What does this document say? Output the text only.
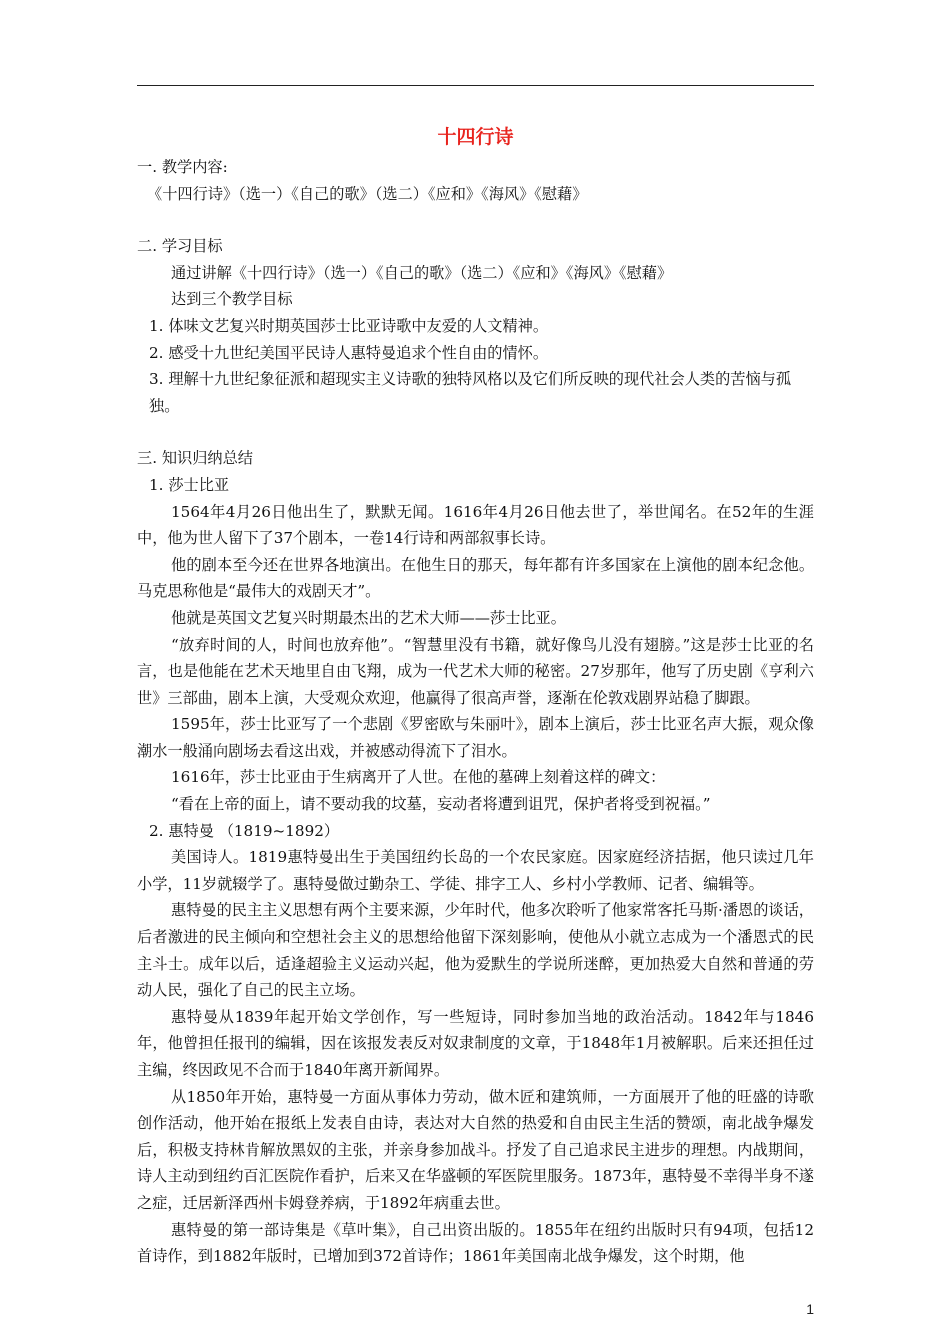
十四行诗

一. 教学内容:

《十四行诗》（选一）《自己的歌》（选二）《应和》《海风》《慰藉》

二. 学习目标

通过讲解《十四行诗》（选一）《自己的歌》（选二）《应和》《海风》《慰藉》

达到三个教学目标

1. 体味文艺复兴时期英国莎士比亚诗歌中友爱的人文精神。

2. 感受十九世纪美国平民诗人惠特曼追求个性自由的情怀。

3. 理解十九世纪象征派和超现实主义诗歌的独特风格以及它们所反映的现代社会人类的苦恼与孤独。

三. 知识归纳总结

1. 莎士比亚

1564年4月26日他出生了，默默无闻。1616年4月26日他去世了，举世闻名。在52年的生涯中，他为世人留下了37个剧本，一卷14行诗和两部叙事长诗。

他的剧本至今还在世界各地演出。在他生日的那天，每年都有许多国家在上演他的剧本纪念他。马克思称他是“最伟大的戏剧天才”。

他就是英国文艺复兴时期最杰出的艺术大师——莎士比亚。

“放弃时间的人，时间也放弃他”。“智慧里没有书籍，就好像鸟儿没有翅膀。”这是莎士比亚的名言，也是他能在艺术天地里自由飞翔，成为一代艺术大师的秘密。27岁那年，他写了历史剧《亨利六世》三部曲，剧本上演，大受观众欢迎，他赢得了很高声誉，逐渐在伦敦戏剧界站稳了脚跟。

1595年，莎士比亚写了一个悲剧《罗密欧与朱丽叶》，剧本上演后，莎士比亚名声大振，观众像潮水一般涌向剧场去看这出戏，并被感动得流下了泪水。

1616年，莎士比亚由于生病离开了人世。在他的墓碑上刻着这样的碑文：

“看在上帝的面上，请不要动我的坟墓，妄动者将遭到诅咒，保护者将受到祝福。”

2. 惠特曼 （1819~1892）

美国诗人。1819惠特曼出生于美国纽约长岛的一个农民家庭。因家庭经济拮据，他只读过几年小学，11岁就辍学了。惠特曼做过勤杂工、学徒、排字工人、乡村小学教师、记者、编辑等。

惠特曼的民主主义思想有两个主要来源，少年时代，他多次聆听了他家常客托马斯·潘恩的谈话，后者激进的民主倾向和空想社会主义的思想给他留下深刻影响，使他从小就立志成为一个潘恩式的民主斗士。成年以后，适逢超验主义运动兴起，他为爱默生的学说所迷醉，更加热爱大自然和普通的劳动人民，强化了自己的民主立场。

惠特曼从1839年起开始文学创作，写一些短诗，同时参加当地的政治活动。1842年与1846年，他曾担任报刊的编辑，因在该报发表反对奴隶制度的文章，于1848年1月被解职。后来还担任过主编，终因政见不合而于1840年离开新闻界。

从1850年开始，惠特曼一方面从事体力劳动，做木匠和建筑师，一方面展开了他的旺盛的诗歌创作活动，他开始在报纸上发表自由诗，表达对大自然的热爱和自由民主生活的赞颂，南北战争爆发后，积极支持林肯解放黑奴的主张，并亲身参加战斗。抒发了自己追求民主进步的理想。内战期间，诗人主动到纽约百汇医院作看护，后来又在华盛顿的军医院里服务。1873年，惠特曼不幸得半身不遂之症，迁居新泽西州卡姆登养病，于1892年病重去世。

惠特曼的第一部诗集是《草叶集》，自己出资出版的。1855年在纽约出版时只有94项，包括12首诗作，到1882年版时，已增加到372首诗作；1861年美国南北战争爆发，这个时期，他

1
